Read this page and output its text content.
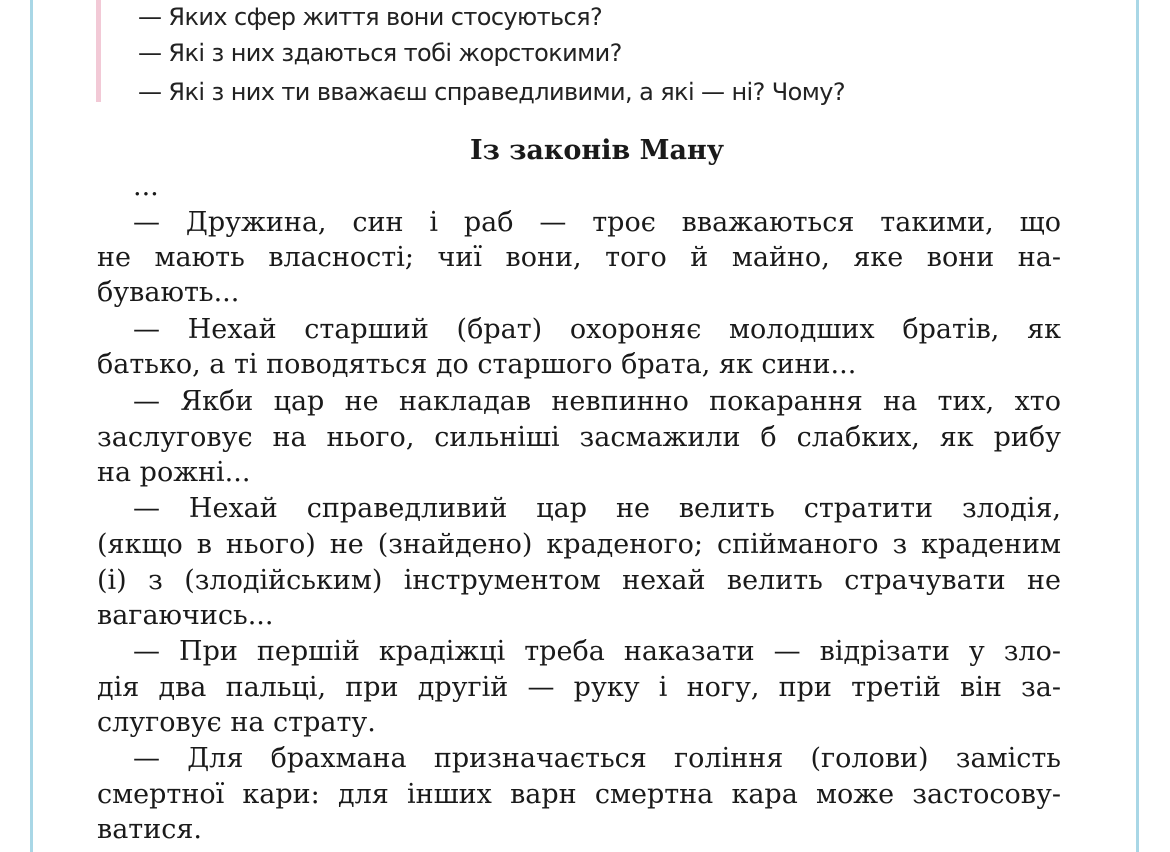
— Яких сфер життя вони стосуються?
— Які з них здаються тобі жорстокими?
— Які з них ти вважаєш справедливими, а які — ні? Чому?
Із законів Ману
...
— Дружина, син і раб — троє вважаються такими, що
не мають власності; чиї вони, того й майно, яке вони на-
бувають...
— Нехай старший (брат) охороняє молодших братів, як
батько, а ті поводяться до старшого брата, як сини...
— Якби цар не накладав невпинно покарання на тих, хто
заслуговує на нього, сильніші засмажили б слабких, як рибу
на рожні...
— Нехай справедливий цар не велить стратити злодія,
(якщо в нього) не (знайдено) краденого; спійманого з краденим
(і) з (злодійським) інструментом нехай велить страчувати не
вагаючись...
— При першій крадіжці треба наказати — відрізати у зло-
дія два пальці, при другій — руку і ногу, при третій він за-
слуговує на страту.
— Для брахмана призначається гоління (голови) замість
смертної кари: для інших варн смертна кара може застосову-
ватися.
